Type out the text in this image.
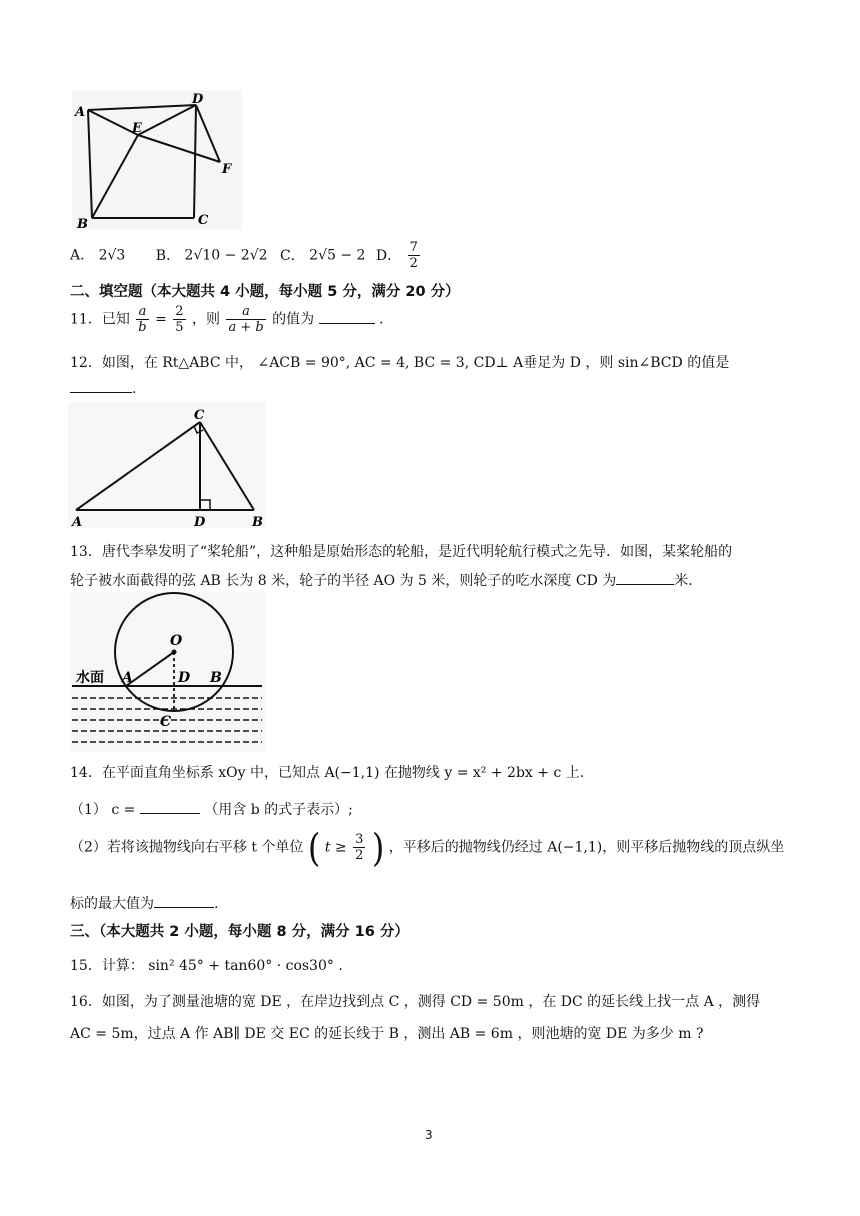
A
B	C
D
E
F
A． 2√3 B． 2√10 − 2√2 C． 2√5 − 2 D． $\frac{7}{2}$
二、填空题（本大题共 4 小题，每小题 5 分，满分 20 分）
11．已知 $\frac{a}{b} = \frac{2}{5}$ ，则 $\frac{a}{a + b}$ 的值为	.
12．如图，在 Rt△ABC 中， ∠ACB = 90°, AC = 4, BC = 3, CD⊥ A垂足为 D ，则 sin∠BCD 的值是
.
A	B
C
D
13．唐代李皋发明了“桨轮船”，这种船是原始形态的轮船，是近代明轮航行模式之先导．如图，某桨轮船的
轮子被水面截得的弦 AB 长为 8 米，轮子的半径 AO 为 5 米，则轮子的吃水深度 CD 为	米．
O
A	B
D
C
水面
14．在平面直角坐标系 xOy 中，已知点 A(−1,1) 在抛物线 y = x² + 2bx + c 上.
（1） c =	（用含 b 的式子表示）;
（2）若将该抛物线向右平移 t 个单位 ( $t \ge \frac{3}{2}$ ) ，平移后的抛物线仍经过 A(−1,1)，则平移后抛物线的顶点纵坐
标的最大值为	.
三、（本大题共 2 小题，每小题 8 分，满分 16 分）
15．计算： sin² 45° + tan60° · cos30° .
16．如图，为了测量池塘的宽 DE ，在岸边找到点 C ，测得 CD = 50m ，在 DC 的延长线上找一点 A ，测得
AC = 5m，过点 A 作 AB∥ DE 交 EC 的延长线于 B ，测出 AB = 6m ，则池塘的宽 DE 为多少 m ?
3
